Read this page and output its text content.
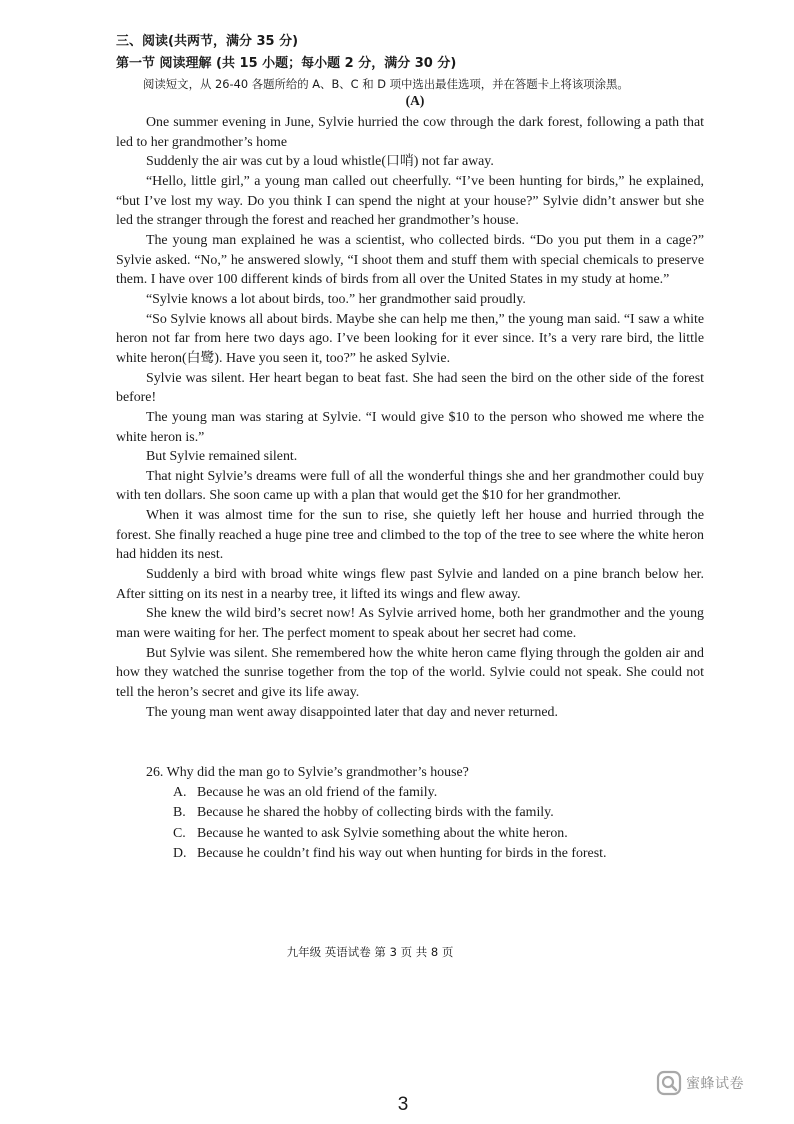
三、阅读(共两节，满分 35 分)
第一节 阅读理解 (共 15 小题；每小题 2 分，满分 30 分)
阅读短文，从 26-40 各题所给的 A、B、C 和 D 项中选出最佳选项，并在答题卡上将该项涂黑。
(A)

One summer evening in June, Sylvie hurried the cow through the dark forest, following a path that led to her grandmother’s home

Suddenly the air was cut by a loud whistle(口哨) not far away.

“Hello, little girl,” a young man called out cheerfully. “I’ve been hunting for birds,” he explained, “but I’ve lost my way. Do you think I can spend the night at your house?” Sylvie didn’t answer but she led the stranger through the forest and reached her grandmother’s house.

The young man explained he was a scientist, who collected birds. “Do you put them in a cage?” Sylvie asked. “No,” he answered slowly, “I shoot them and stuff them with special chemicals to preserve them. I have over 100 different kinds of birds from all over the United States in my study at home.”

“Sylvie knows a lot about birds, too.” her grandmother said proudly.

“So Sylvie knows all about birds. Maybe she can help me then,” the young man said. “I saw a white heron not far from here two days ago. I’ve been looking for it ever since. It’s a very rare bird, the little white heron(白鹭). Have you seen it, too?” he asked Sylvie.

Sylvie was silent. Her heart began to beat fast. She had seen the bird on the other side of the forest before!

The young man was staring at Sylvie. “I would give $10 to the person who showed me where the white heron is.”

But Sylvie remained silent.

That night Sylvie’s dreams were full of all the wonderful things she and her grandmother could buy with ten dollars. She soon came up with a plan that would get the $10 for her grandmother.

When it was almost time for the sun to rise, she quietly left her house and hurried through the forest. She finally reached a huge pine tree and climbed to the top of the tree to see where the white heron had hidden its nest.

Suddenly a bird with broad white wings flew past Sylvie and landed on a pine branch below her. After sitting on its nest in a nearby tree, it lifted its wings and flew away.

She knew the wild bird’s secret now! As Sylvie arrived home, both her grandmother and the young man were waiting for her. The perfect moment to speak about her secret had come.

But Sylvie was silent. She remembered how the white heron came flying through the golden air and how they watched the sunrise together from the top of the world. Sylvie could not speak. She could not tell the heron’s secret and give its life away.

The young man went away disappointed later that day and never returned.

26. Why did the man go to Sylvie’s grandmother’s house?
A. Because he was an old friend of the family.
B. Because he shared the hobby of collecting birds with the family.
C. Because he wanted to ask Sylvie something about the white heron.
D. Because he couldn’t find his way out when hunting for birds in the forest.
九年级 英语试卷 第 3 页 共 8 页
蜜蜂试卷
3
